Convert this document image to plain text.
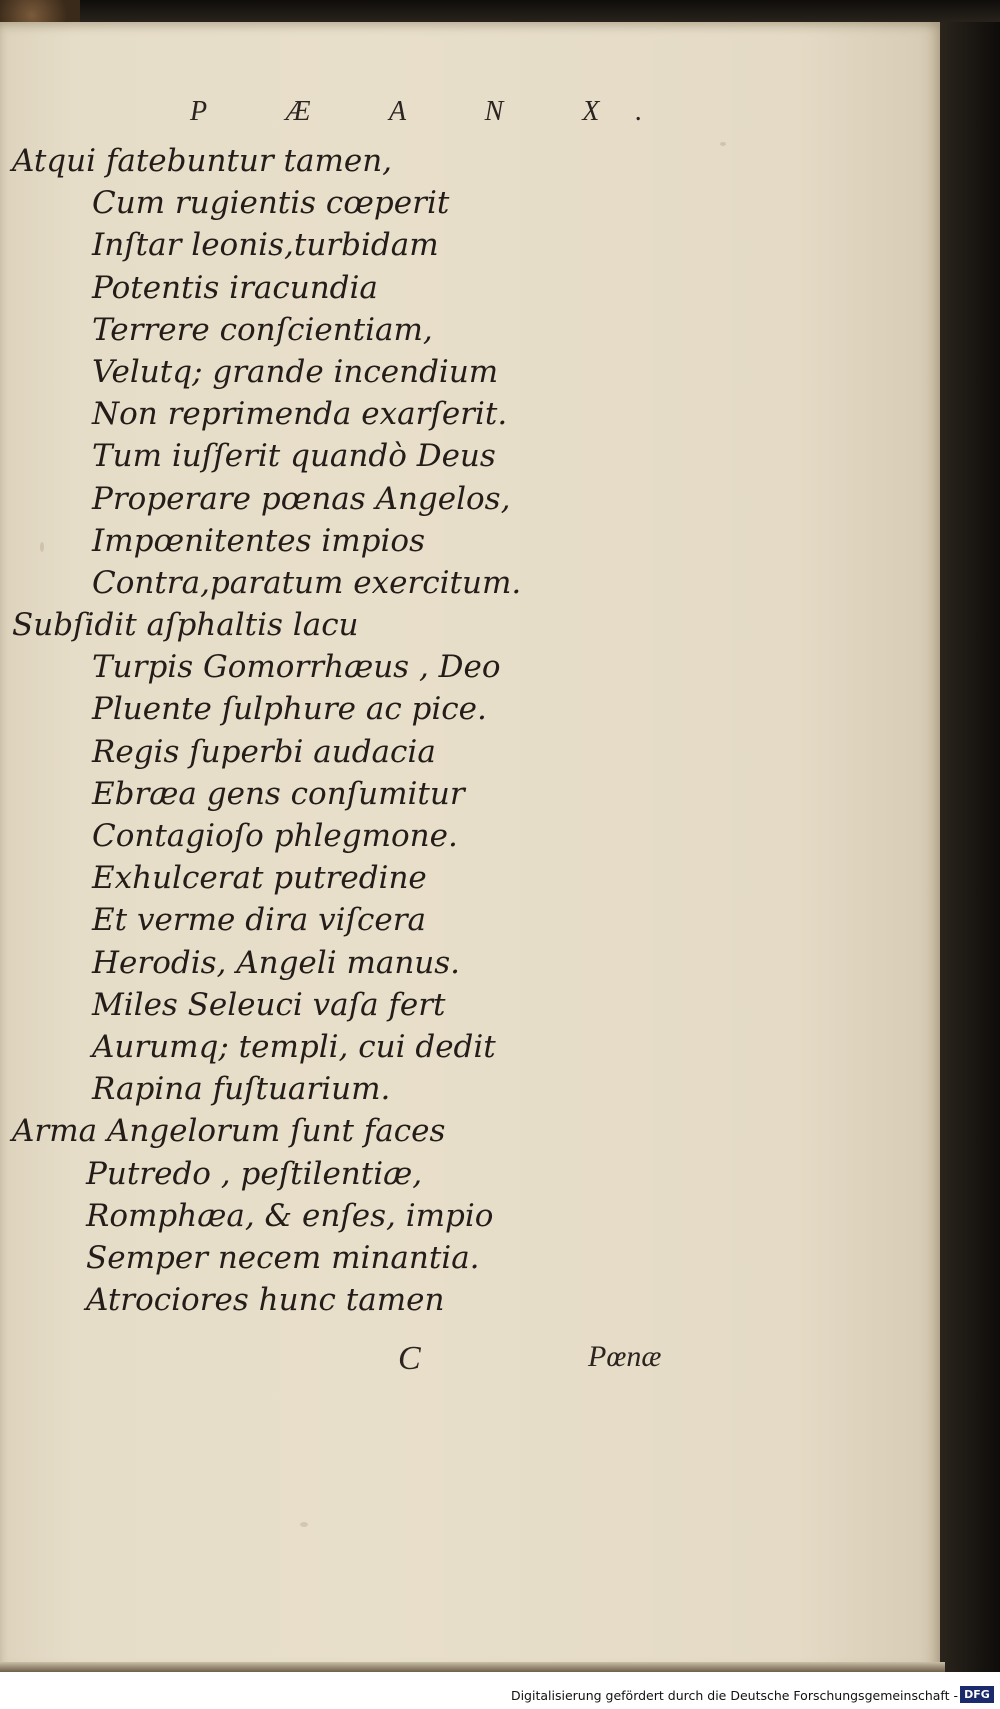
P Æ A N X.
Atqui fatebuntur tamen,
Cum rugientis cœperit
Inſtar leonis,turbidam
Potentis iracundia
Terrere conſcientiam,
Velutq; grande incendium
Non reprimenda exarſerit.
Tum iuſſerit quandò Deus
Properare pœnas Angelos,
Impœnitentes impios
Contra,paratum exercitum.
Subſidit aſphaltis lacu
Turpis Gomorrhæus , Deo
Pluente ſulphure ac pice.
Regis ſuperbi audacia
Ebræa gens conſumitur
Contagioſo phlegmone.
Exhulcerat putredine
Et verme dira viſcera
Herodis, Angeli manus.
Miles Seleuci vaſa fert
Aurumq; templi, cui dedit
Rapina fuſtuarium.
Arma Angelorum ſunt faces
Putredo , peſtilentiæ,
Romphæa, & enſes, impio
Semper necem minantia.
Atrociores hunc tamen
C	Pœnæ
Digitalisierung gefördert durch die Deutsche Forschungsgemeinschaft - DFG
